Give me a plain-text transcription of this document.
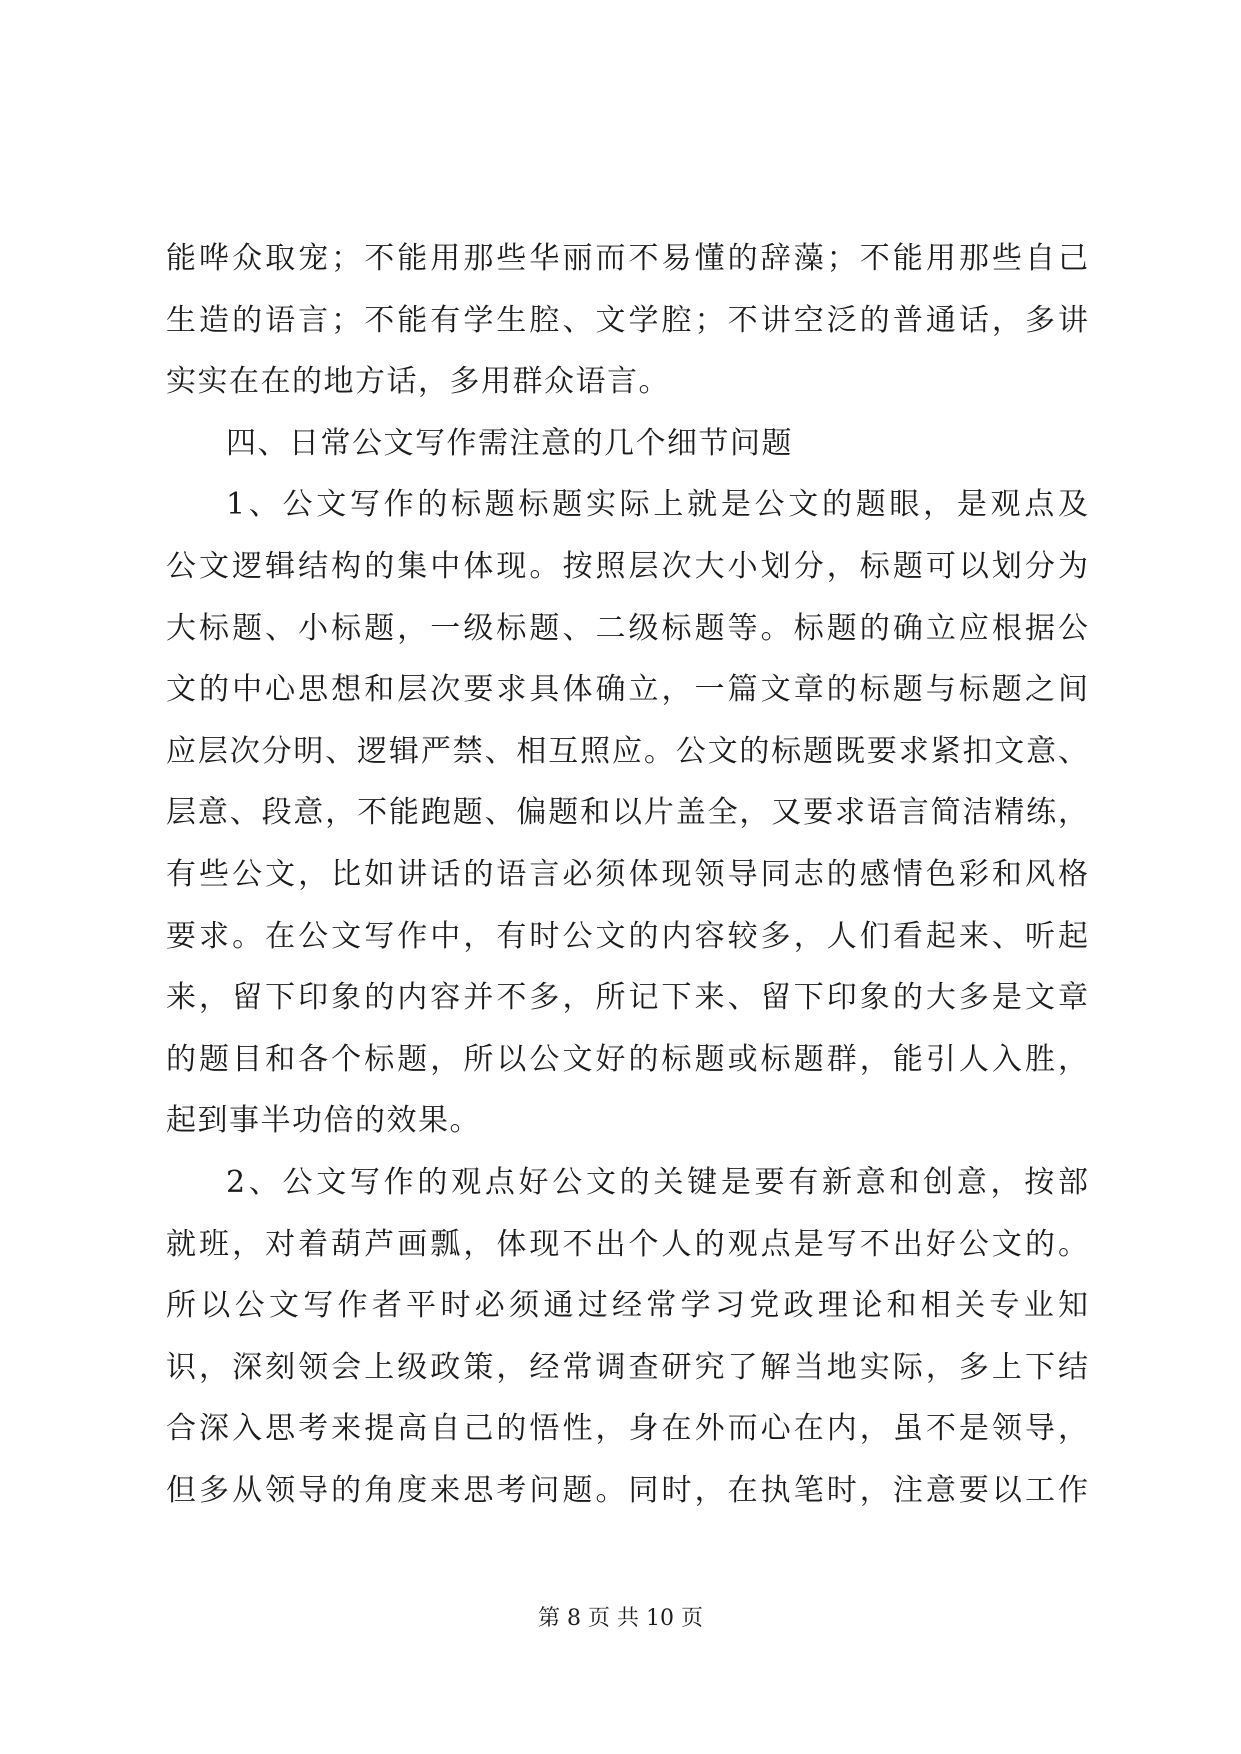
能哗众取宠；不能用那些华丽而不易懂的辞藻；不能用那些自己
生造的语言；不能有学生腔、文学腔；不讲空泛的普通话，多讲
实实在在的地方话，多用群众语言。
四、日常公文写作需注意的几个细节问题
1、公文写作的标题标题实际上就是公文的题眼，是观点及
公文逻辑结构的集中体现。按照层次大小划分，标题可以划分为
大标题、小标题，一级标题、二级标题等。标题的确立应根据公
文的中心思想和层次要求具体确立，一篇文章的标题与标题之间
应层次分明、逻辑严禁、相互照应。公文的标题既要求紧扣文意、
层意、段意，不能跑题、偏题和以片盖全，又要求语言简洁精练，
有些公文，比如讲话的语言必须体现领导同志的感情色彩和风格
要求。在公文写作中，有时公文的内容较多，人们看起来、听起
来，留下印象的内容并不多，所记下来、留下印象的大多是文章
的题目和各个标题，所以公文好的标题或标题群，能引人入胜，
起到事半功倍的效果。
2、公文写作的观点好公文的关键是要有新意和创意，按部
就班，对着葫芦画瓢，体现不出个人的观点是写不出好公文的。
所以公文写作者平时必须通过经常学习党政理论和相关专业知
识，深刻领会上级政策，经常调查研究了解当地实际，多上下结
合深入思考来提高自己的悟性，身在外而心在内，虽不是领导，
但多从领导的角度来思考问题。同时，在执笔时，注意要以工作
第 8 页 共 10 页
